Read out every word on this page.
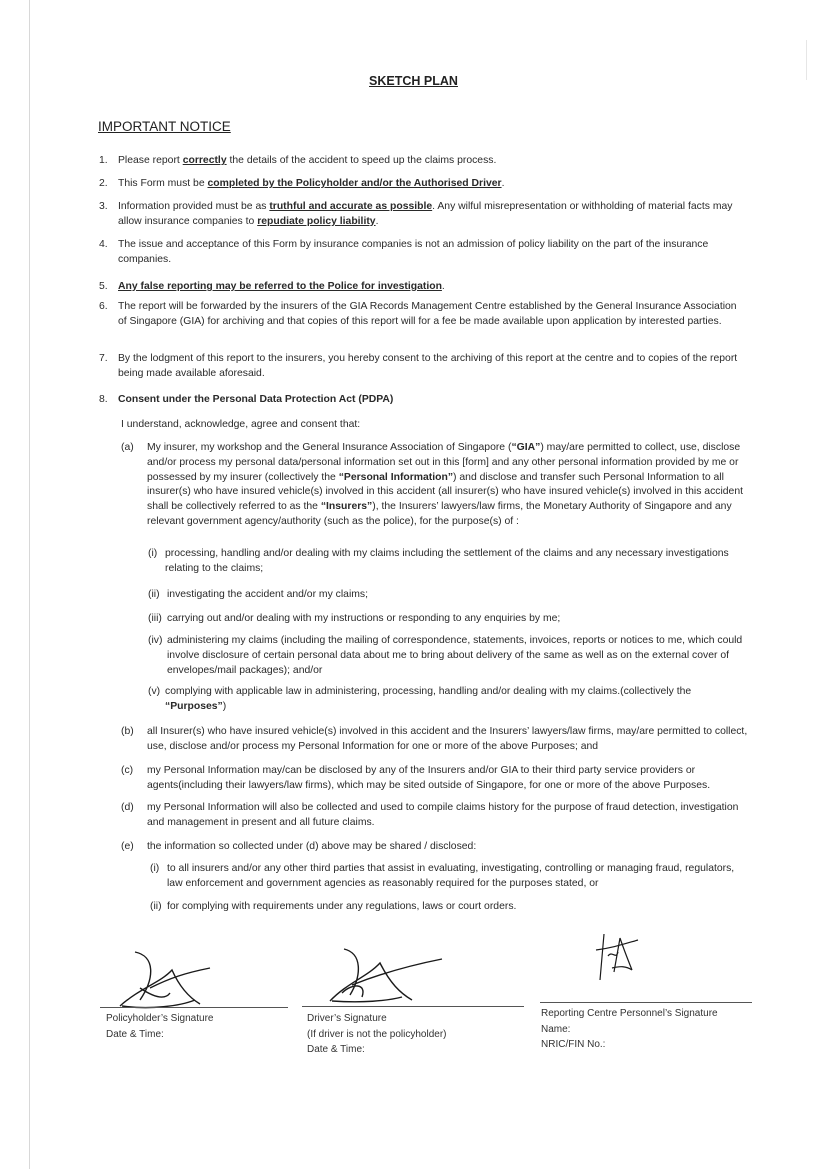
SKETCH PLAN
IMPORTANT NOTICE
1. Please report correctly the details of the accident to speed up the claims process.
2. This Form must be completed by the Policyholder and/or the Authorised Driver.
3. Information provided must be as truthful and accurate as possible. Any wilful misrepresentation or withholding of material facts may allow insurance companies to repudiate policy liability.
4. The issue and acceptance of this Form by insurance companies is not an admission of policy liability on the part of the insurance companies.
5. Any false reporting may be referred to the Police for investigation.
6. The report will be forwarded by the insurers of the GIA Records Management Centre established by the General Insurance Association of Singapore (GIA) for archiving and that copies of this report will for a fee be made available upon application by interested parties.
7. By the lodgment of this report to the insurers, you hereby consent to the archiving of this report at the centre and to copies of the report being made available aforesaid.
8. Consent under the Personal Data Protection Act (PDPA)
I understand, acknowledge, agree and consent that:
(a) My insurer, my workshop and the General Insurance Association of Singapore (“GIA”) may/are permitted to collect, use, disclose and/or process my personal data/personal information set out in this [form] and any other personal information provided by me or possessed by my insurer (collectively the “Personal Information”) and disclose and transfer such Personal Information to all insurer(s) who have insured vehicle(s) involved in this accident (all insurer(s) who have insured vehicle(s) involved in this accident shall be collectively referred to as the “Insurers”), the Insurers’ lawyers/law firms, the Monetary Authority of Singapore and any relevant government agency/authority (such as the police), for the purpose(s) of :
(i) processing, handling and/or dealing with my claims including the settlement of the claims and any necessary investigations relating to the claims;
(ii) investigating the accident and/or my claims;
(iii) carrying out and/or dealing with my instructions or responding to any enquiries by me;
(iv) administering my claims (including the mailing of correspondence, statements, invoices, reports or notices to me, which could involve disclosure of certain personal data about me to bring about delivery of the same as well as on the external cover of envelopes/mail packages); and/or
(v) complying with applicable law in administering, processing, handling and/or dealing with my claims.(collectively the “Purposes”)
(b) all Insurer(s) who have insured vehicle(s) involved in this accident and the Insurers’ lawyers/law firms, may/are permitted to collect, use, disclose and/or process my Personal Information for one or more of the above Purposes; and
(c) my Personal Information may/can be disclosed by any of the Insurers and/or GIA to their third party service providers or agents(including their lawyers/law firms), which may be sited outside of Singapore, for one or more of the above Purposes.
(d) my Personal Information will also be collected and used to compile claims history for the purpose of fraud detection, investigation and management in present and all future claims.
(e) the information so collected under (d) above may be shared / disclosed:
(i) to all insurers and/or any other third parties that assist in evaluating, investigating, controlling or managing fraud, regulators, law enforcement and government agencies as reasonably required for the purposes stated, or
(ii) for complying with requirements under any regulations, laws or court orders.
Policyholder’s Signature
Date & Time:
Driver’s Signature
(If driver is not the policyholder)
Date & Time:
Reporting Centre Personnel’s Signature
Name:
NRIC/FIN No.:
